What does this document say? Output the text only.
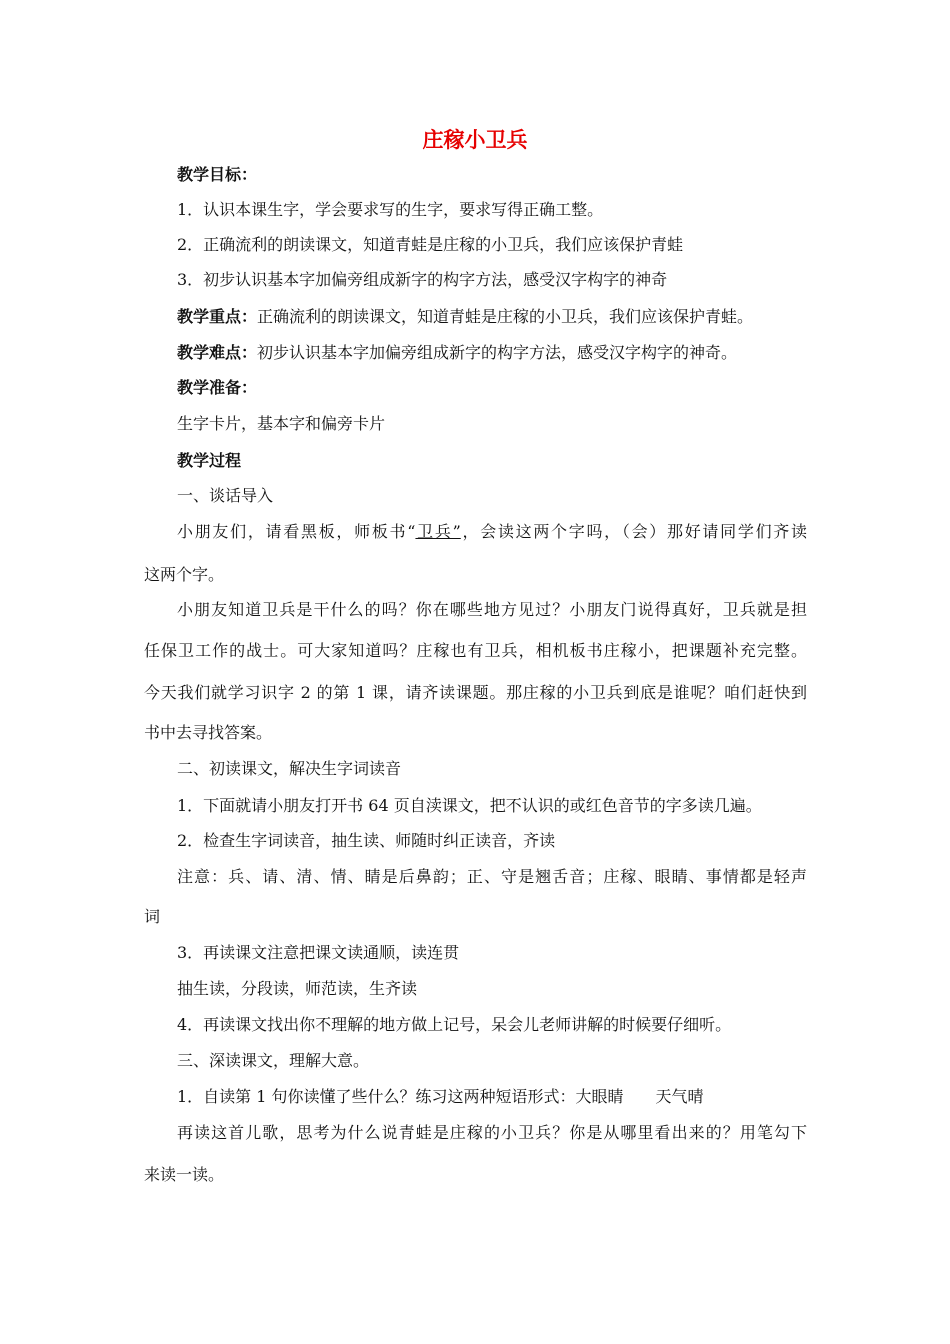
庄稼小卫兵
教学目标：
1．认识本课生字，学会要求写的生字，要求写得正确工整。
2．正确流利的朗读课文，知道青蛙是庄稼的小卫兵，我们应该保护青蛙
3．初步认识基本字加偏旁组成新字的构字方法，感受汉字构字的神奇
教学重点：正确流利的朗读课文，知道青蛙是庄稼的小卫兵，我们应该保护青蛙。
教学难点：初步认识基本字加偏旁组成新字的构字方法，感受汉字构字的神奇。
教学准备：
生字卡片，基本字和偏旁卡片
教学过程
一、谈话导入
小朋友们，请看黑板，师板书“卫兵”，会读这两个字吗，（会）那好请同学们齐读
这两个字。
小朋友知道卫兵是干什么的吗？你在哪些地方见过？小朋友门说得真好，卫兵就是担
任保卫工作的战士。可大家知道吗？庄稼也有卫兵，相机板书庄稼小，把课题补充完整。
今天我们就学习识字 2 的第 1 课，请齐读课题。那庄稼的小卫兵到底是谁呢？咱们赶快到
书中去寻找答案。
二、初读课文，解决生字词读音
1．下面就请小朋友打开书 64 页自渎课文，把不认识的或红色音节的字多读几遍。
2．检查生字词读音，抽生读、师随时纠正读音，齐读
注意：兵、请、清、情、睛是后鼻韵；正、守是翘舌音；庄稼、眼睛、事情都是轻声
词
3．再读课文注意把课文读通顺，读连贯
抽生读，分段读，师范读，生齐读
4．再读课文找出你不理解的地方做上记号，呆会儿老师讲解的时候要仔细听。
三、深读课文，理解大意。
1．自读第 1 句你读懂了些什么？练习这两种短语形式：大眼睛 天气晴
再读这首儿歌，思考为什么说青蛙是庄稼的小卫兵？你是从哪里看出来的？用笔勾下
来读一读。
